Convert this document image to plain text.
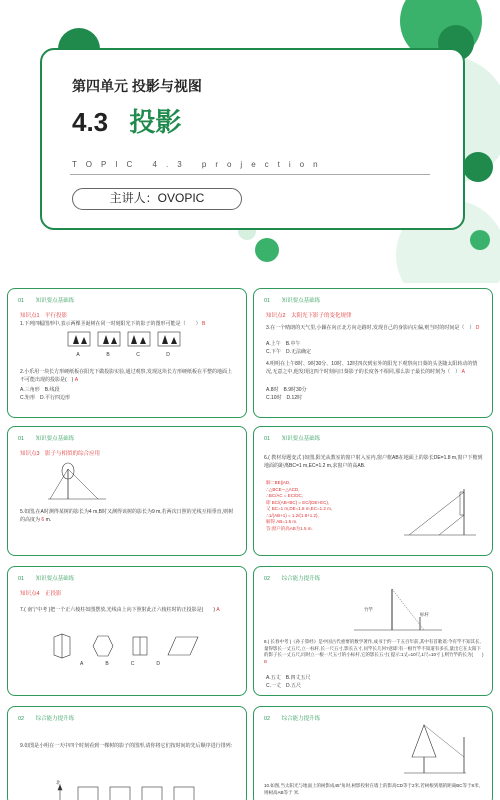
第四单元 投影与视图
4.3 投影
TOPIC 4.3 projection
主讲人：OVOPIC
01 知识要点基础练
知识点1　平行投影
1.下列四幅图形中,表示两棵圣诞树在同一时刻阳光下的影子的图形可能是（　　） B
A	B	C	D
2.小乐用一块长方形硬纸板在阳光下做投影实验,通过观察,发现这块长方形硬纸板在平整的地面上不可能出现的投影是(　) A
A.三角形　B.线段
C.矩形　D.平行四边形
01 知识要点基础练
知识点2　太阳光下影子的变化规律
3.在一个晴朗的天气里,小颖在向正北方向走路时,发现自己的身影向左偏,则当时的时间是（　） D
A.上午　B.中午
C.下午　D.无法确定
4.明明在上午8时、9时30分、10时、12时四次到室外的阳光下观察向日葵的头茎随太阳转动的情况,无意之中,他发现这四个时刻向日葵影子的长度各不相同,那么影子最长的时刻为（　） A
A.8时　B.9时30分
C.10时　D.12时
01 知识要点基础练
知识点3　影子与相似的综合应用
5.如图,在A时测得某树的影长为4 m,B时又测得该树的影长为9 m,若两次日照的光线互相垂直,则树的高度为 6 m.
01 知识要点基础练
6.( 教材母题变式 )如图,阳光从教室的窗户射入室内,窗户框AB在地面上的影长DE=1.8 m,窗户下檐到地面的距离BC=1 m,EC=1.2 m,求窗户的高AB.
解:∵BE∥AD,
∴△BCE∽△ACD,
∴BC/AC = EC/DC,
即 BC/(AB+BC) = EC/(DE+EC),
又 BC=1 m,DE=1.8 m,EC=1.2 m,
∴1/(AB+1) = 1.2/(1.8+1.2),
解得 AB=1.5 m.
答:窗户的高AB为1.5 m.
01 知识要点基础练
知识点4　正投影
7.( 南宁中考 )把一个正六棱柱如图摆放,光线由上向下照射此正六棱柱时的正投影是(　　) A
A	B	C	D
02 综合能力提升练
竹竿
标杆
8.( 长春中考 )《孙子算经》是中国古代重要的数学著作,成书于约一千五百年前,其中有首歌谣:今有竿不知其长,量得影长一丈五尺,立一标杆,长一尺五寸,影长五寸,问竿长几何?意即:有一根竹竿不知道有多长,量出它在太阳下的影子长一丈五尺,同时立一根一尺五寸的小标杆,它的影长五寸( 提示:1丈=10尺,1尺=10寸 ),则竹竿的长为(　　) B
A.五丈　B.四丈五尺
C.一丈　D.五尺
02 综合能力提升练
9.如图是小明在一天中四个时刻看到一棵树的影子的图形,请你将它们按时间的先后顺序进行排列:
北
02 综合能力提升练
10.如图,当太阳光与地面上的树影成45°角时,树影投射在墙上的影高CD等于2米,若树根到墙的距离BC等于8米,则树高AB等于 米.
